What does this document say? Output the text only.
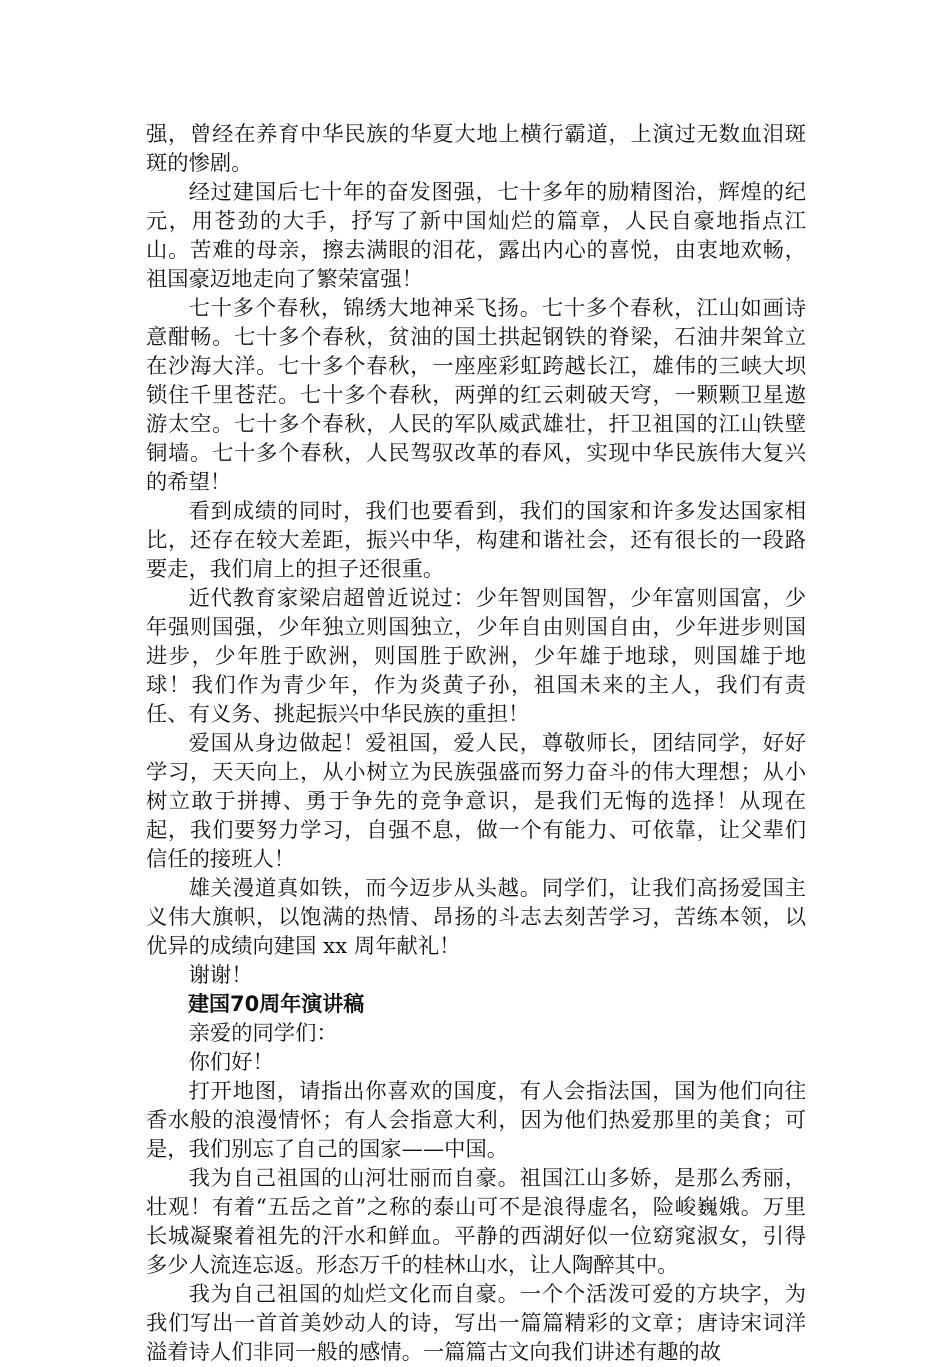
强，曾经在养育中华民族的华夏大地上横行霸道，上演过无数血泪斑斑的惨剧。

经过建国后七十年的奋发图强，七十多年的励精图治，辉煌的纪元，用苍劲的大手，抒写了新中国灿烂的篇章，人民自豪地指点江山。苦难的母亲，擦去满眼的泪花，露出内心的喜悦，由衷地欢畅，祖国豪迈地走向了繁荣富强！

七十多个春秋，锦绣大地神采飞扬。七十多个春秋，江山如画诗意酣畅。七十多个春秋，贫油的国土拱起钢铁的脊梁，石油井架耸立在沙海大洋。七十多个春秋，一座座彩虹跨越长江，雄伟的三峡大坝锁住千里苍茫。七十多个春秋，两弹的红云刺破天穹，一颗颗卫星遨游太空。七十多个春秋，人民的军队威武雄壮，扞卫祖国的江山铁壁铜墙。七十多个春秋，人民驾驭改革的春风，实现中华民族伟大复兴的希望！

看到成绩的同时，我们也要看到，我们的国家和许多发达国家相比，还存在较大差距，振兴中华，构建和谐社会，还有很长的一段路要走，我们肩上的担子还很重。

近代教育家梁启超曾近说过：少年智则国智，少年富则国富，少年强则国强，少年独立则国独立，少年自由则国自由，少年进步则国进步，少年胜于欧洲，则国胜于欧洲，少年雄于地球，则国雄于地球！我们作为青少年，作为炎黄子孙，祖国未来的主人，我们有责任、有义务、挑起振兴中华民族的重担！

爱国从身边做起！爱祖国，爱人民，尊敬师长，团结同学，好好学习，天天向上，从小树立为民族强盛而努力奋斗的伟大理想；从小树立敢于拼搏、勇于争先的竞争意识，是我们无悔的选择！从现在起，我们要努力学习，自强不息，做一个有能力、可依靠，让父辈们信任的接班人！

雄关漫道真如铁，而今迈步从头越。同学们，让我们高扬爱国主义伟大旗帜，以饱满的热情、昂扬的斗志去刻苦学习，苦练本领，以优异的成绩向建国 xx 周年献礼！

谢谢！

建国70周年演讲稿

亲爱的同学们：

你们好！

打开地图，请指出你喜欢的国度，有人会指法国，国为他们向往香水般的浪漫情怀；有人会指意大利，因为他们热爱那里的美食；可是，我们别忘了自己的国家——中国。

我为自己祖国的山河壮丽而自豪。祖国江山多娇，是那么秀丽，壮观！有着“五岳之首”之称的泰山可不是浪得虚名，险峻巍娥。万里长城凝聚着祖先的汗水和鲜血。平静的西湖好似一位窈窕淑女，引得多少人流连忘返。形态万千的桂林山水，让人陶醉其中。

我为自己祖国的灿烂文化而自豪。一个个活泼可爱的方块字，为我们写出一首首美妙动人的诗，写出一篇篇精彩的文章；唐诗宋词洋溢着诗人们非同一般的感情。一篇篇古文向我们讲述有趣的故
